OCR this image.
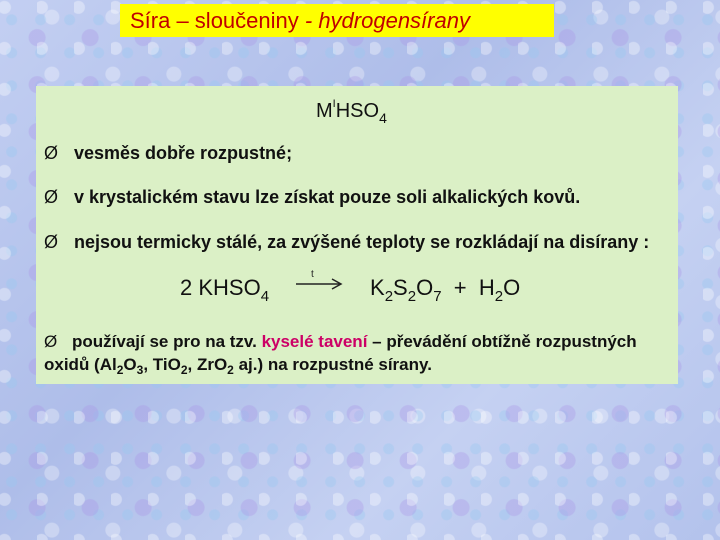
Síra – sloučeniny - hydrogensírany
$M^IHSO_4$
Ø vesměs dobře rozpustné;
Ø v krystalickém stavu lze získat pouze soli alkalických kovů.
Ø nejsou termicky stálé, za zvýšené teploty se rozkládají na disírany :
2 $KHSO_4$
t
$K_2S_2O_7 + H_2O$
Ø používají se pro na tzv. kyselé tavení – převádění obtížně rozpustných
oxidů ($Al_2O_3$, TiO$_2$, ZrO$_2$ aj.) na rozpustné sírany.
